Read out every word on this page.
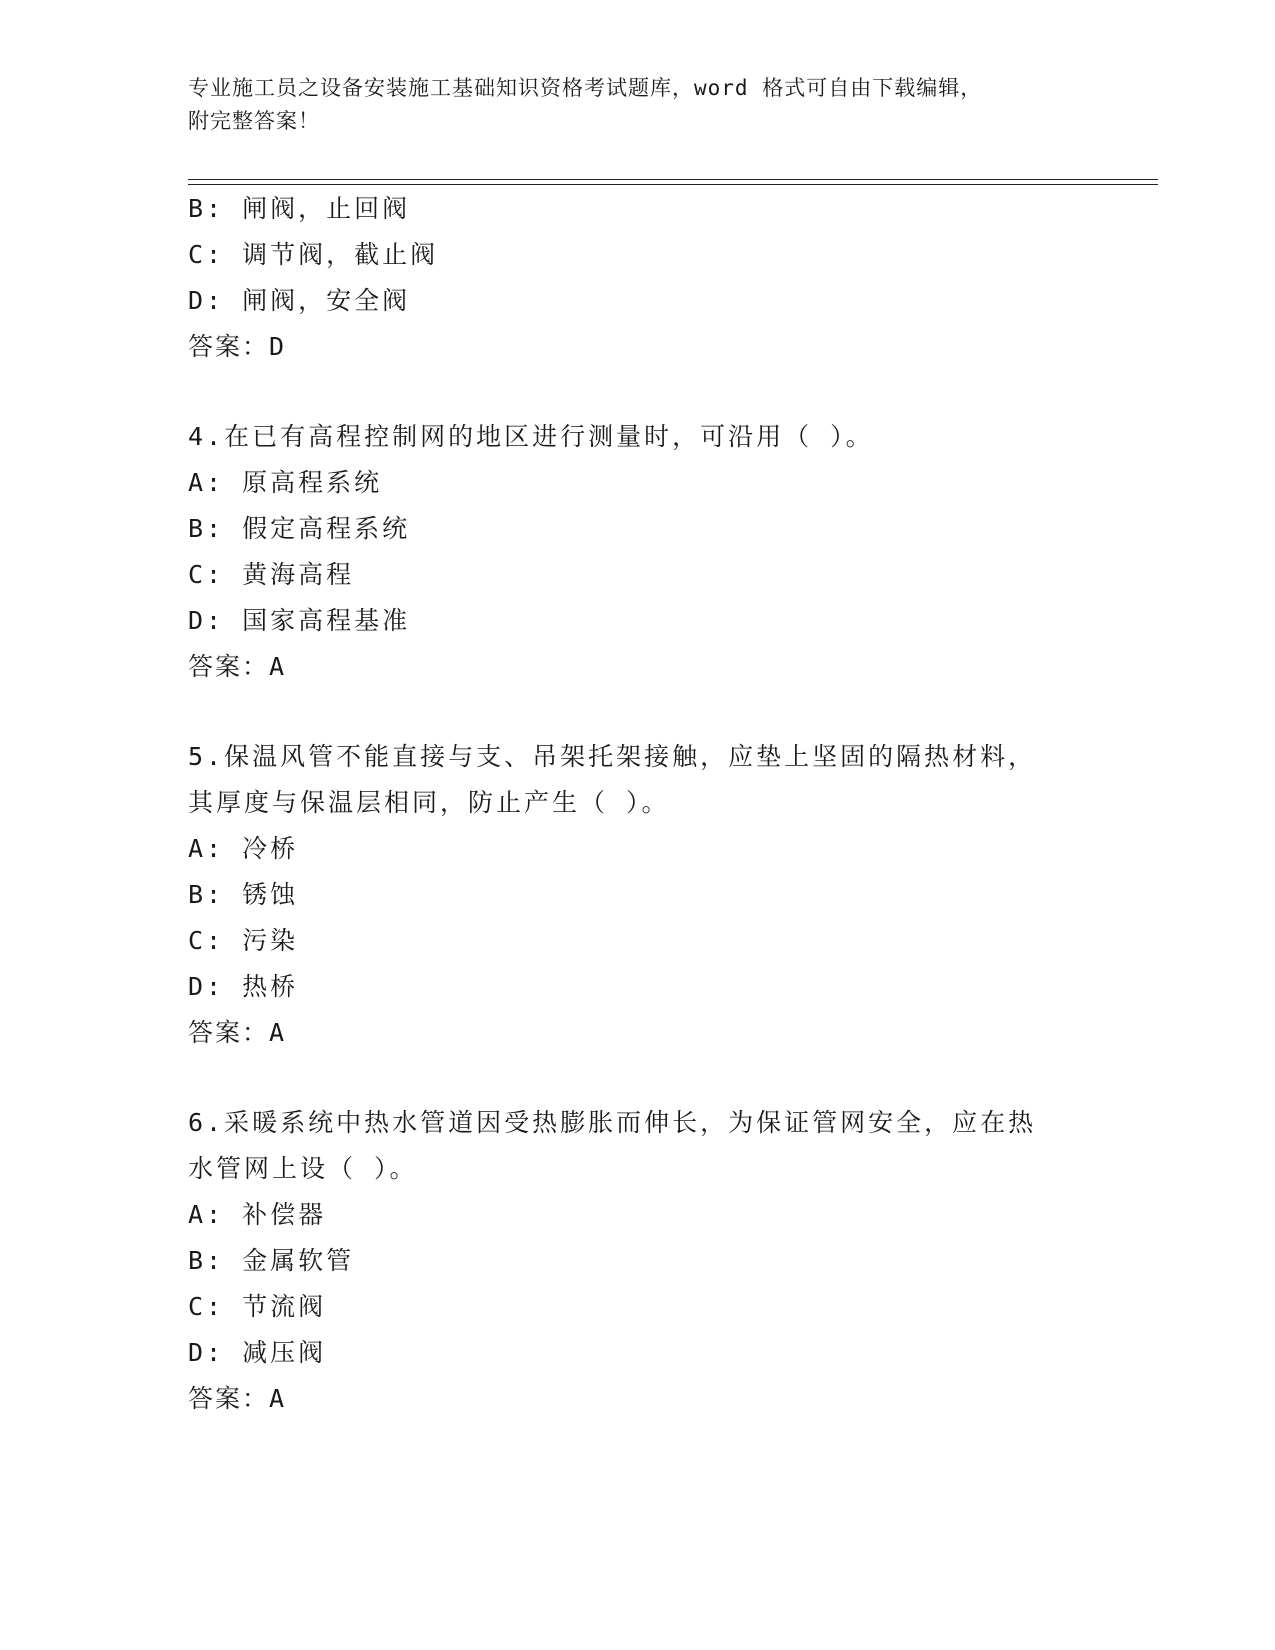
专业施工员之设备安装施工基础知识资格考试题库，word 格式可自由下载编辑，
附完整答案！
B: 闸阀，止回阀
C: 调节阀，截止阀
D: 闸阀，安全阀
答案：D
4.在已有高程控制网的地区进行测量时，可沿用（ ）。
A: 原高程系统
B: 假定高程系统
C: 黄海高程
D: 国家高程基准
答案：A
5.保温风管不能直接与支、吊架托架接触，应垫上坚固的隔热材料，
其厚度与保温层相同，防止产生（ ）。
A: 冷桥
B: 锈蚀
C: 污染
D: 热桥
答案：A
6.采暖系统中热水管道因受热膨胀而伸长，为保证管网安全，应在热
水管网上设（ ）。
A: 补偿器
B: 金属软管
C: 节流阀
D: 减压阀
答案：A
